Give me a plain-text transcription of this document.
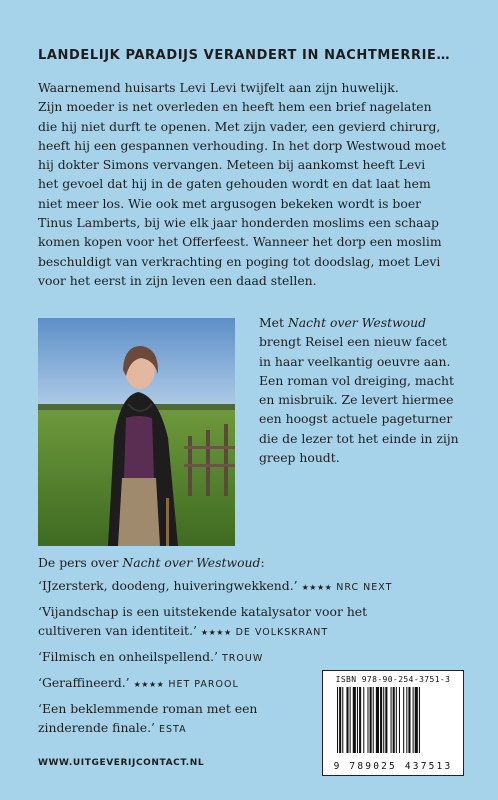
LANDELIJK PARADIJS VERANDERT IN NACHTMERRIE…
Waarnemend huisarts Levi Levi twijfelt aan zijn huwelijk.
Zijn moeder is net overleden en heeft hem een brief nagelaten
die hij niet durft te openen. Met zijn vader, een gevierd chirurg,
heeft hij een gespannen verhouding. In het dorp Westwoud moet
hij dokter Simons vervangen. Meteen bij aankomst heeft Levi
het gevoel dat hij in de gaten gehouden wordt en dat laat hem
niet meer los. Wie ook met argusogen bekeken wordt is boer
Tinus Lamberts, bij wie elk jaar honderden moslims een schaap
komen kopen voor het Offerfeest. Wanneer het dorp een moslim
beschuldigt van verkrachting en poging tot doodslag, moet Levi
voor het eerst in zijn leven een daad stellen.
Met Nacht over Westwoud
brengt Reisel een nieuw facet
in haar veelkantig oeuvre aan.
Een roman vol dreiging, macht
en misbruik. Ze levert hiermee
een hoogst actuele pageturner
die de lezer tot het einde in zijn
greep houdt.
De pers over Nacht over Westwoud:
‘IJzersterk, doodeng, huiveringwekkend.’ ★★★★ NRC NEXT
‘Vijandschap is een uitstekende katalysator voor het
cultiveren van identiteit.’ ★★★★ DE VOLKSKRANT
‘Filmisch en onheilspellend.’ TROUW
‘Geraffineerd.’ ★★★★ HET PAROOL
‘Een beklemmende roman met een
zinderende finale.’ ESTA
ISBN 978-90-254-3751-3
9 789025 437513
WWW.UITGEVERIJCONTACT.NL
